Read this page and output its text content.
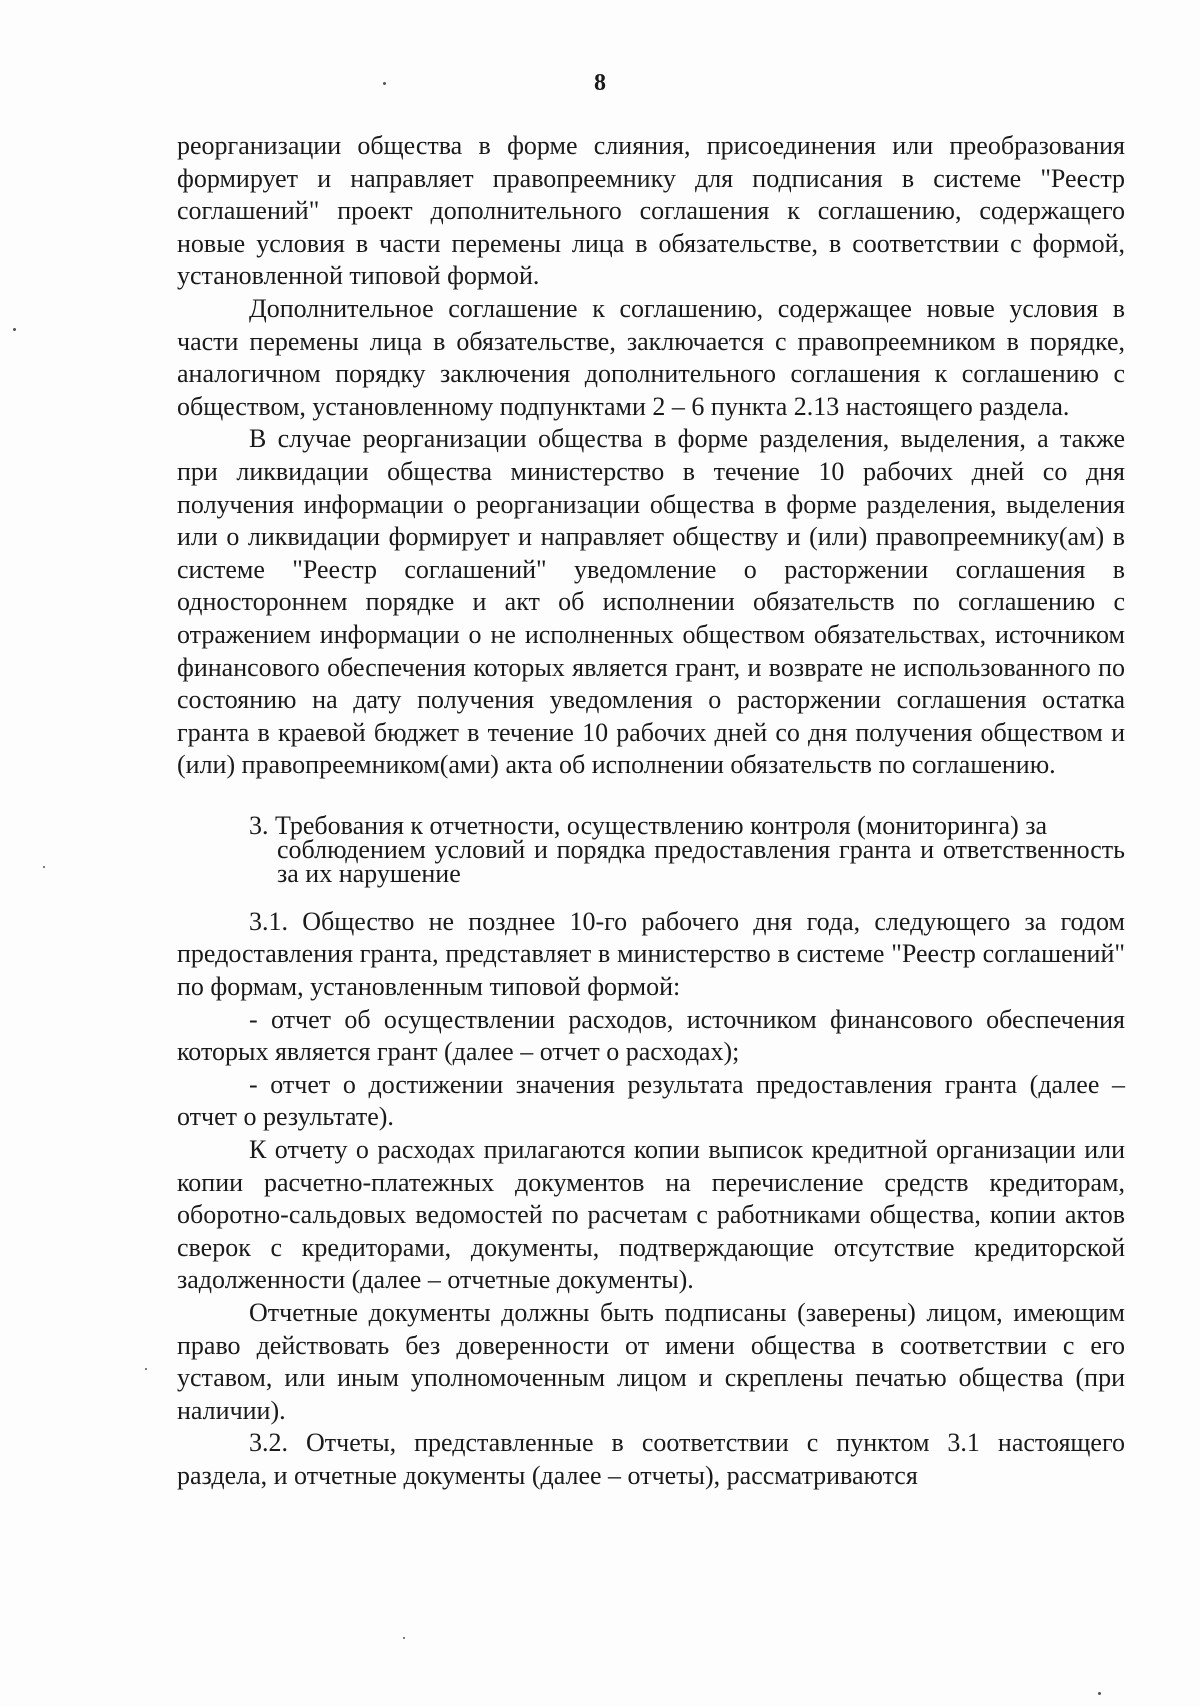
8

реорганизации общества в форме слияния, присоединения или преобразования формирует и направляет правопреемнику для подписания в системе "Реестр соглашений" проект дополнительного соглашения к соглашению, содержащего новые условия в части перемены лица в обязательстве, в соответствии с формой, установленной типовой формой.

Дополнительное соглашение к соглашению, содержащее новые условия в части перемены лица в обязательстве, заключается с правопреемником в порядке, аналогичном порядку заключения дополнительного соглашения к соглашению с обществом, установленному подпунктами 2 – 6 пункта 2.13 настоящего раздела.

В случае реорганизации общества в форме разделения, выделения, а также при ликвидации общества министерство в течение 10 рабочих дней со дня получения информации о реорганизации общества в форме разделения, выделения или о ликвидации формирует и направляет обществу и (или) правопреемнику(ам) в системе "Реестр соглашений" уведомление о расторжении соглашения в одностороннем порядке и акт об исполнении обязательств по соглашению с отражением информации о не исполненных обществом обязательствах, источником финансового обеспечения которых является грант, и возврате не использованного по состоянию на дату получения уведомления о расторжении соглашения остатка гранта в краевой бюджет в течение 10 рабочих дней со дня получения обществом и (или) правопреемником(ами) акта об исполнении обязательств по соглашению.

3. Требования к отчетности, осуществлению контроля (мониторинга) за
соблюдением условий и порядка предоставления гранта и ответственность за их нарушение

3.1. Общество не позднее 10-го рабочего дня года, следующего за годом предоставления гранта, представляет в министерство в системе "Реестр соглашений" по формам, установленным типовой формой:

- отчет об осуществлении расходов, источником финансового обеспечения которых является грант (далее – отчет о расходах);

- отчет о достижении значения результата предоставления гранта (далее – отчет о результате).

К отчету о расходах прилагаются копии выписок кредитной организации или копии расчетно-платежных документов на перечисление средств кредиторам, оборотно-сальдовых ведомостей по расчетам с работниками общества, копии актов сверок с кредиторами, документы, подтверждающие отсутствие кредиторской задолженности (далее – отчетные документы).

Отчетные документы должны быть подписаны (заверены) лицом, имеющим право действовать без доверенности от имени общества в соответствии с его уставом, или иным уполномоченным лицом и скреплены печатью общества (при наличии).

3.2. Отчеты, представленные в соответствии с пунктом 3.1 настоящего раздела, и отчетные документы (далее – отчеты), рассматриваются
